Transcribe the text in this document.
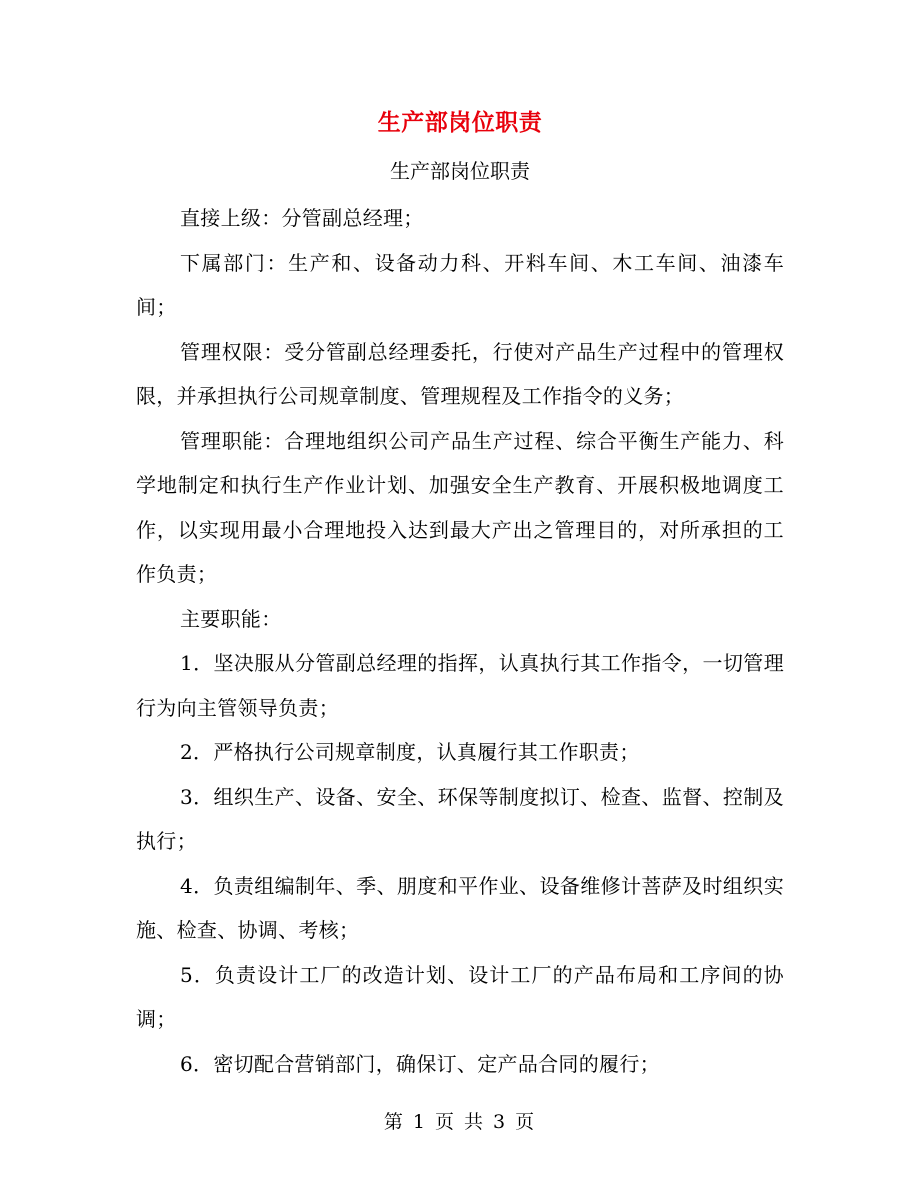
生产部岗位职责
生产部岗位职责

直接上级：分管副总经理；

下属部门：生产和、设备动力科、开料车间、木工车间、油漆车间；

管理权限：受分管副总经理委托，行使对产品生产过程中的管理权限，并承担执行公司规章制度、管理规程及工作指令的义务；

管理职能：合理地组织公司产品生产过程、综合平衡生产能力、科学地制定和执行生产作业计划、加强安全生产教育、开展积极地调度工作，以实现用最小合理地投入达到最大产出之管理目的，对所承担的工作负责；

主要职能：

1．坚决服从分管副总经理的指挥，认真执行其工作指令，一切管理行为向主管领导负责；

2．严格执行公司规章制度，认真履行其工作职责；

3．组织生产、设备、安全、环保等制度拟订、检查、监督、控制及执行；

4．负责组编制年、季、朋度和平作业、设备维修计菩萨及时组织实施、检查、协调、考核；

5．负责设计工厂的改造计划、设计工厂的产品布局和工序间的协调；

6．密切配合营销部门，确保订、定产品合同的履行；

第 1 页 共 3 页
